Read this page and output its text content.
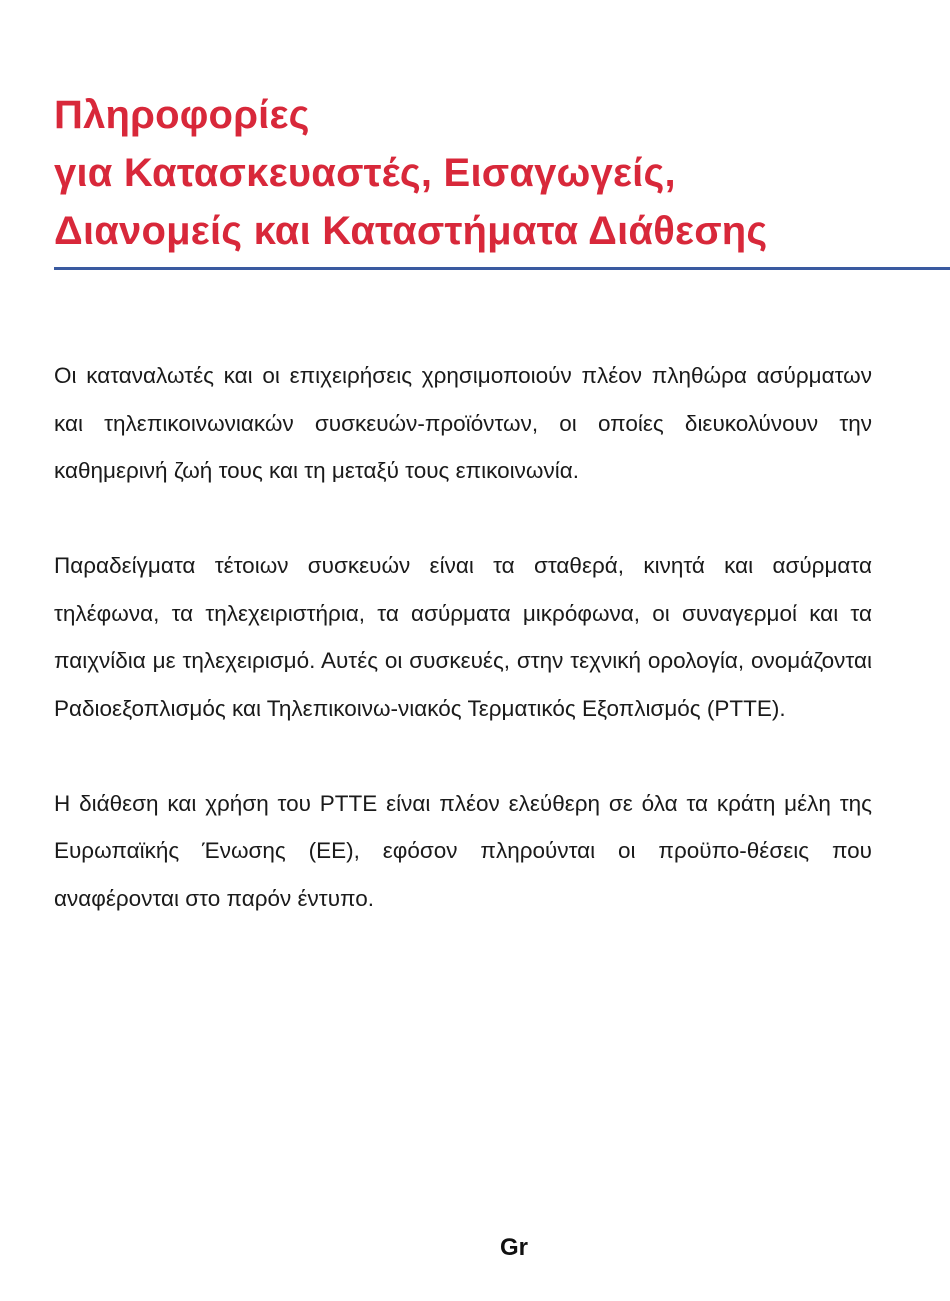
Πληροφορίες
για Κατασκευαστές, Εισαγωγείς,
Διανομείς και Καταστήματα Διάθεσης

Οι καταναλωτές και οι επιχειρήσεις χρησιμοποιούν πλέον πληθώρα ασύρματων και τηλεπικοινωνιακών συσκευών-προϊόντων, οι οποίες διευκολύνουν την καθημερινή ζωή τους και τη μεταξύ τους επικοινωνία.

Παραδείγματα τέτοιων συσκευών είναι τα σταθερά, κινητά και ασύρματα τηλέφωνα, τα τηλεχειριστήρια, τα ασύρματα μικρόφωνα, οι συναγερμοί και τα παιχνίδια με τηλεχειρισμό. Αυτές οι συσκευές, στην τεχνική ορολογία, ονομάζονται Ραδιοεξοπλισμός και Τηλεπικοινω-νιακός Τερματικός Εξοπλισμός (PTTE).

Η διάθεση και χρήση του PTTE είναι πλέον ελεύθερη σε όλα τα κράτη μέλη της Ευρωπαϊκής Ένωσης (ΕΕ), εφόσον πληρούνται οι προϋπο-θέσεις που αναφέρονται στο παρόν έντυπο.

Gr
